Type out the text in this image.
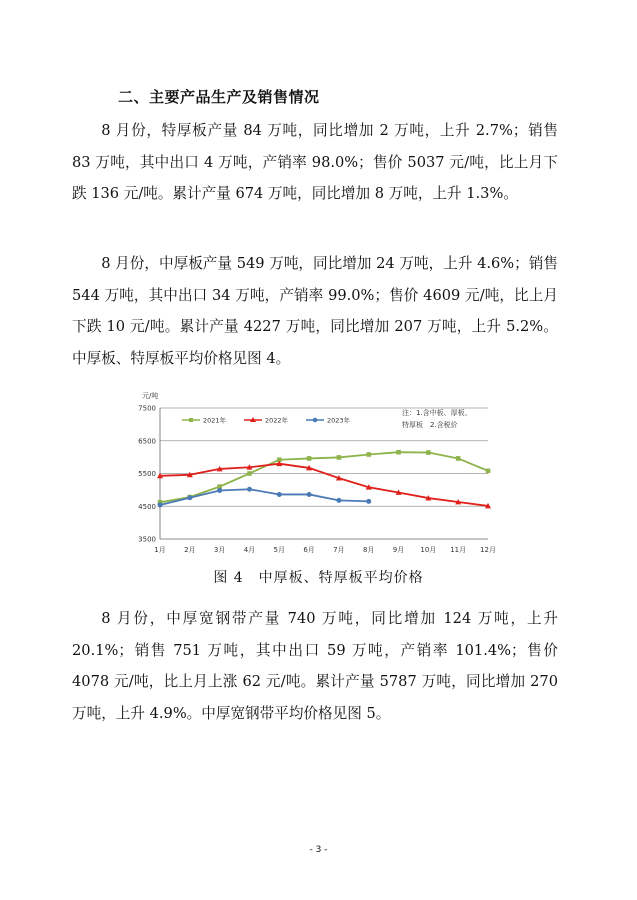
二、主要产品生产及销售情况

8 月份，特厚板产量 84 万吨，同比增加 2 万吨，上升 2.7%；销售 83 万吨，其中出口 4 万吨，产销率 98.0%；售价 5037 元/吨，比上月下跌 136 元/吨。累计产量 674 万吨，同比增加 8 万吨，上升 1.3%。

8 月份，中厚板产量 549 万吨，同比增加 24 万吨，上升 4.6%；销售 544 万吨，其中出口 34 万吨，产销率 99.0%；售价 4609 元/吨，比上月下跌 10 元/吨。累计产量 4227 万吨，同比增加 207 万吨，上升 5.2%。中厚板、特厚板平均价格见图 4。

元/吨
7500
6500
5500
4500
3500
1月	2月	3月	4月	5月	6月	7月	8月	9月 10月 11月 12月
2021年	2022年	2023年
注：1.含中板、厚板、
特厚板　2.含税价
图 4　中厚板、特厚板平均价格

8 月份，中厚宽钢带产量 740 万吨，同比增加 124 万吨，上升 20.1%；销售 751 万吨，其中出口 59 万吨，产销率 101.4%；售价 4078 元/吨，比上月上涨 62 元/吨。累计产量 5787 万吨，同比增加 270 万吨，上升 4.9%。中厚宽钢带平均价格见图 5。

- 3 -
